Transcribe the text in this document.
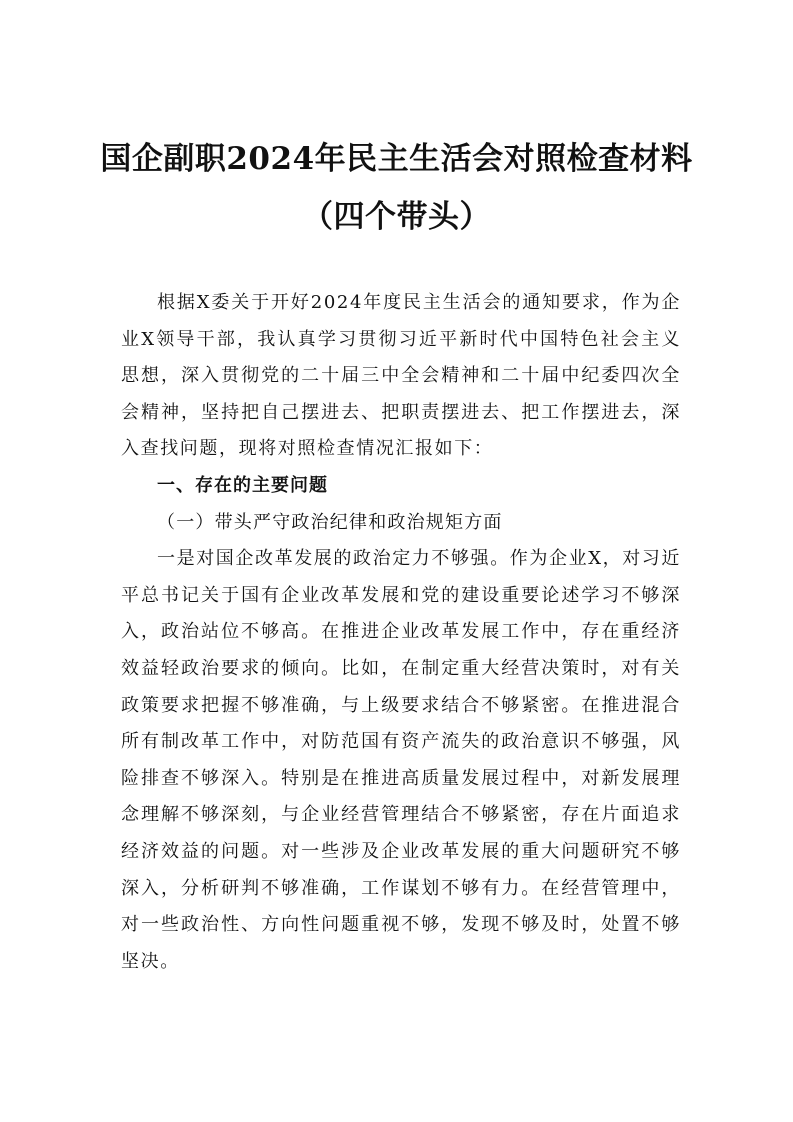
国企副职2024年民主生活会对照检查材料
（四个带头）

根据X委关于开好2024年度民主生活会的通知要求，作为企业X领导干部，我认真学习贯彻习近平新时代中国特色社会主义思想，深入贯彻党的二十届三中全会精神和二十届中纪委四次全会精神，坚持把自己摆进去、把职责摆进去、把工作摆进去，深入查找问题，现将对照检查情况汇报如下：

一、存在的主要问题

（一）带头严守政治纪律和政治规矩方面

一是对国企改革发展的政治定力不够强。作为企业X，对习近平总书记关于国有企业改革发展和党的建设重要论述学习不够深入，政治站位不够高。在推进企业改革发展工作中，存在重经济效益轻政治要求的倾向。比如，在制定重大经营决策时，对有关政策要求把握不够准确，与上级要求结合不够紧密。在推进混合所有制改革工作中，对防范国有资产流失的政治意识不够强，风险排查不够深入。特别是在推进高质量发展过程中，对新发展理念理解不够深刻，与企业经营管理结合不够紧密，存在片面追求经济效益的问题。对一些涉及企业改革发展的重大问题研究不够深入，分析研判不够准确，工作谋划不够有力。在经营管理中，对一些政治性、方向性问题重视不够，发现不够及时，处置不够坚决。
